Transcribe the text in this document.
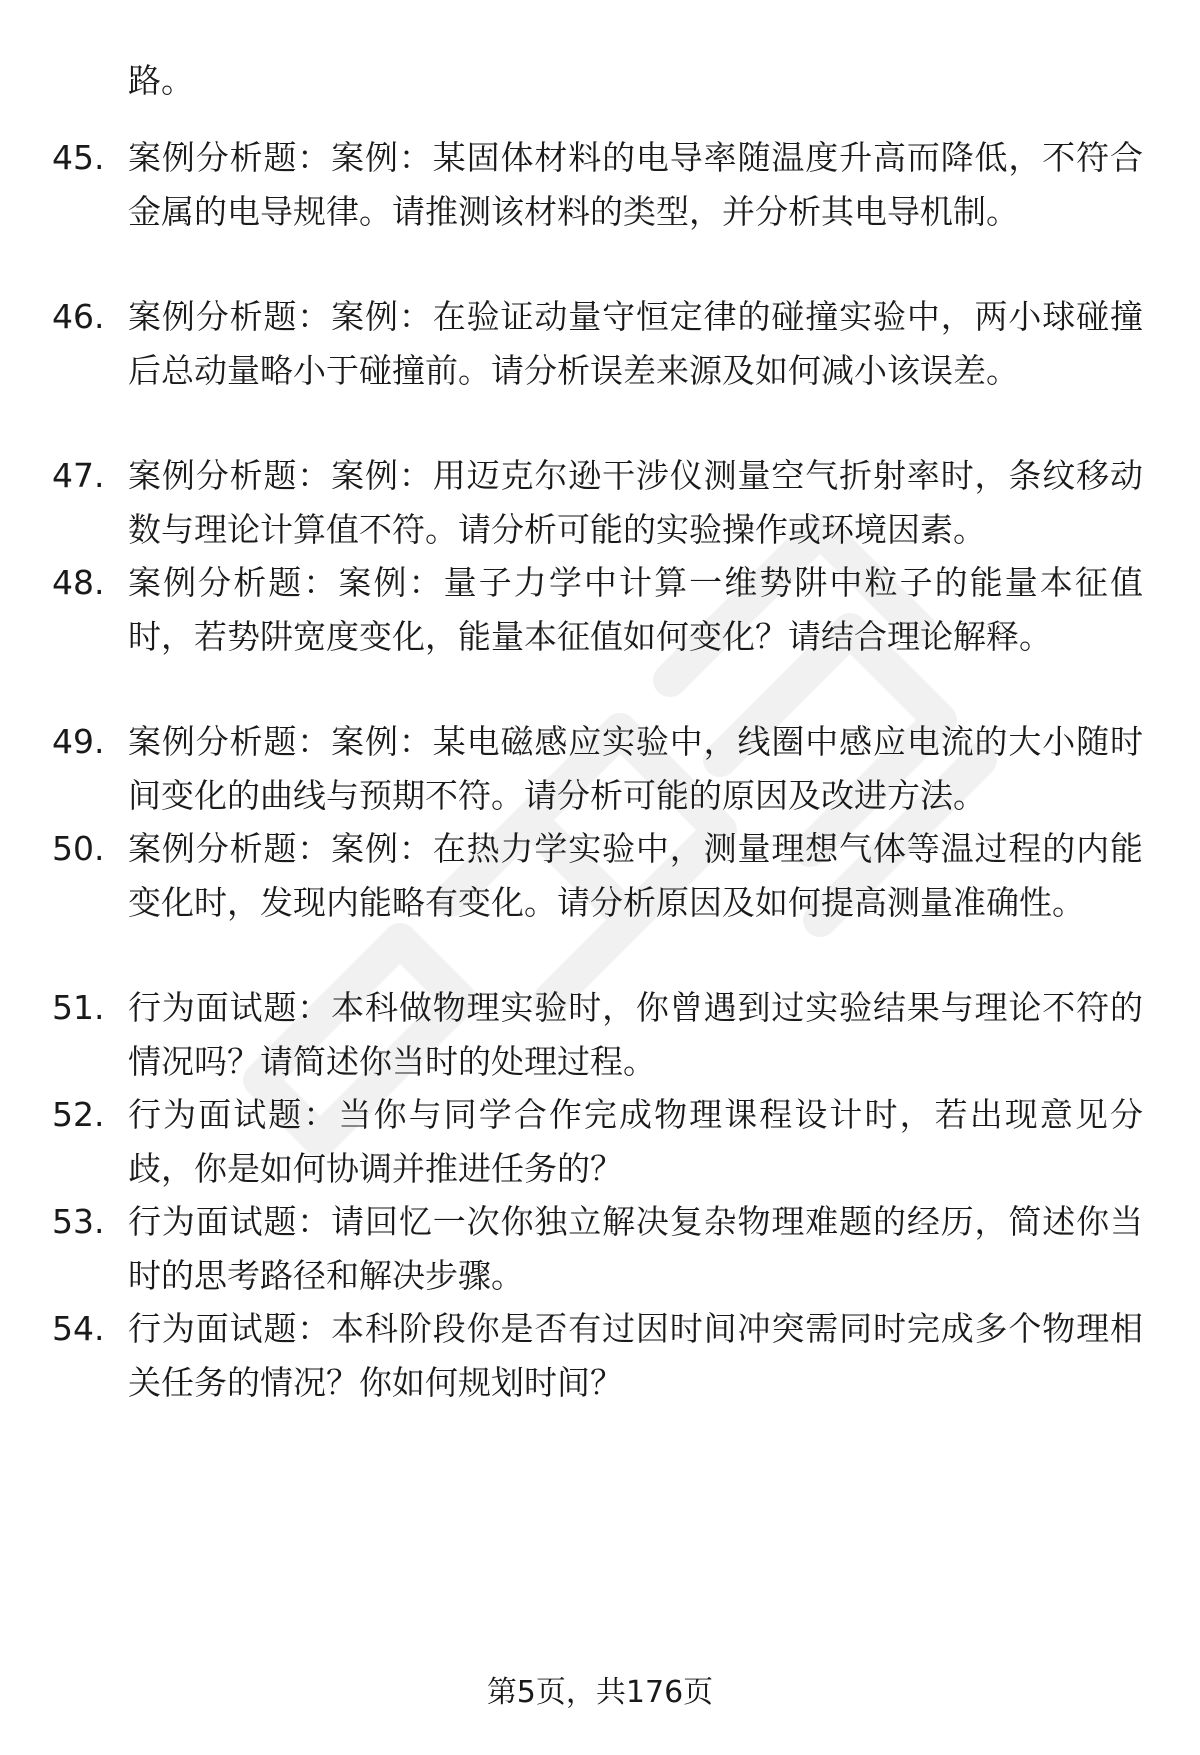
路。
45. 案例分析题：案例：某固体材料的电导率随温度升高而降低，不符合金属的电导规律。请推测该材料的类型，并分析其电导机制。
46. 案例分析题：案例：在验证动量守恒定律的碰撞实验中，两小球碰撞后总动量略小于碰撞前。请分析误差来源及如何减小该误差。
47. 案例分析题：案例：用迈克尔逊干涉仪测量空气折射率时，条纹移动数与理论计算值不符。请分析可能的实验操作或环境因素。
48. 案例分析题：案例：量子力学中计算一维势阱中粒子的能量本征值时，若势阱宽度变化，能量本征值如何变化？请结合理论解释。
49. 案例分析题：案例：某电磁感应实验中，线圈中感应电流的大小随时间变化的曲线与预期不符。请分析可能的原因及改进方法。
50. 案例分析题：案例：在热力学实验中，测量理想气体等温过程的内能变化时，发现内能略有变化。请分析原因及如何提高测量准确性。
51. 行为面试题：本科做物理实验时，你曾遇到过实验结果与理论不符的情况吗？请简述你当时的处理过程。
52. 行为面试题：当你与同学合作完成物理课程设计时，若出现意见分歧，你是如何协调并推进任务的？
53. 行为面试题：请回忆一次你独立解决复杂物理难题的经历，简述你当时的思考路径和解决步骤。
54. 行为面试题：本科阶段你是否有过因时间冲突需同时完成多个物理相关任务的情况？你如何规划时间？
第5页，共176页
